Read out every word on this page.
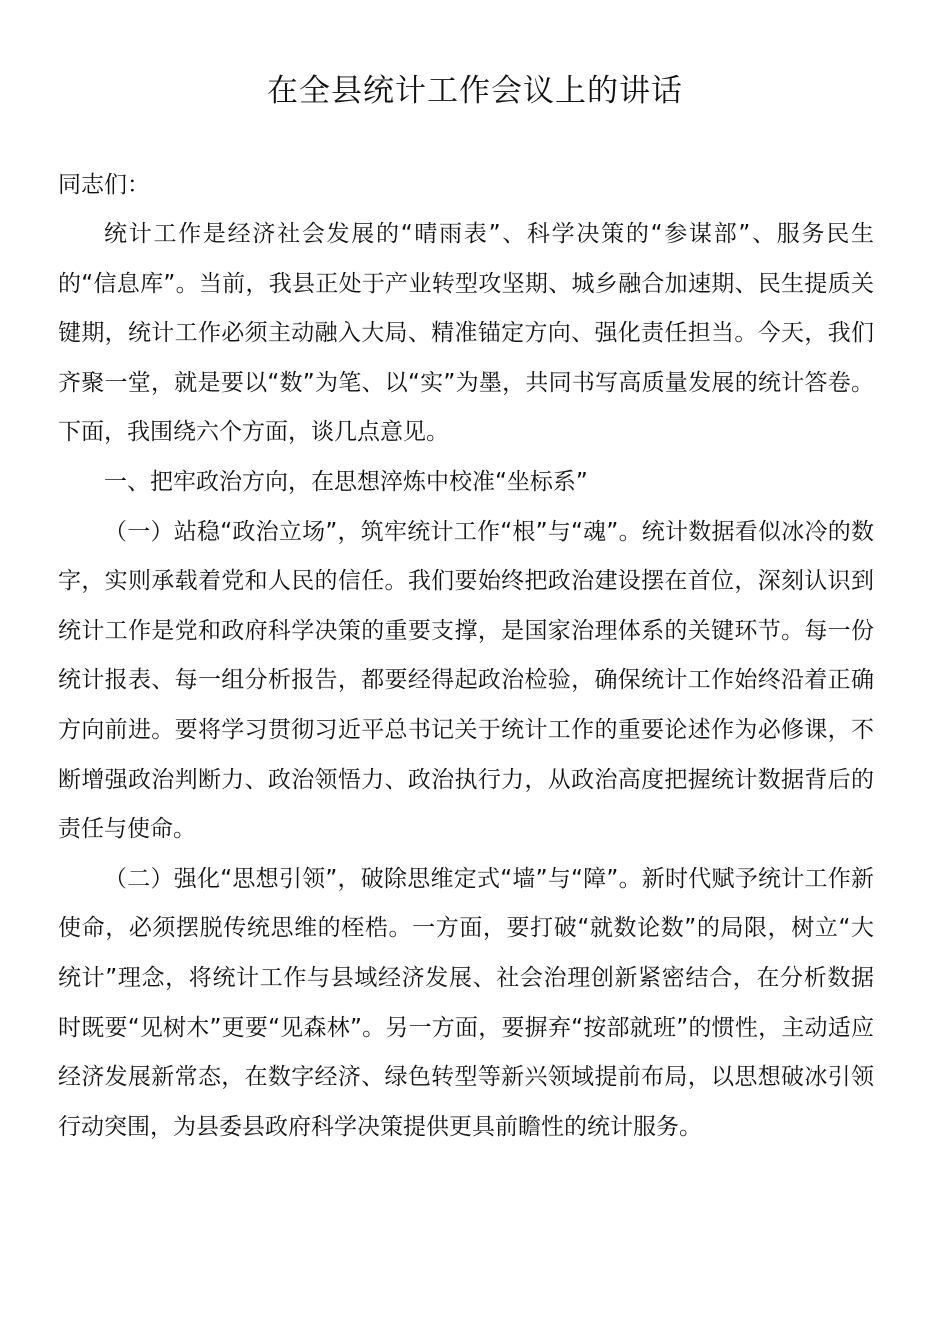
在全县统计工作会议上的讲话

同志们：

统计工作是经济社会发展的“晴雨表”、科学决策的“参谋部”、服务民生的“信息库”。当前，我县正处于产业转型攻坚期、城乡融合加速期、民生提质关键期，统计工作必须主动融入大局、精准锚定方向、强化责任担当。今天，我们齐聚一堂，就是要以“数”为笔、以“实”为墨，共同书写高质量发展的统计答卷。下面，我围绕六个方面，谈几点意见。

一、把牢政治方向，在思想淬炼中校准“坐标系”

（一）站稳“政治立场”，筑牢统计工作“根”与“魂”。统计数据看似冰冷的数字，实则承载着党和人民的信任。我们要始终把政治建设摆在首位，深刻认识到统计工作是党和政府科学决策的重要支撑，是国家治理体系的关键环节。每一份统计报表、每一组分析报告，都要经得起政治检验，确保统计工作始终沿着正确方向前进。要将学习贯彻习近平总书记关于统计工作的重要论述作为必修课，不断增强政治判断力、政治领悟力、政治执行力，从政治高度把握统计数据背后的责任与使命。

（二）强化“思想引领”，破除思维定式“墙”与“障”。新时代赋予统计工作新使命，必须摆脱传统思维的桎梏。一方面，要打破“就数论数”的局限，树立“大统计”理念，将统计工作与县域经济发展、社会治理创新紧密结合，在分析数据时既要“见树木”更要“见森林”。另一方面，要摒弃“按部就班”的惯性，主动适应经济发展新常态，在数字经济、绿色转型等新兴领域提前布局，以思想破冰引领行动突围，为县委县政府科学决策提供更具前瞻性的统计服务。
